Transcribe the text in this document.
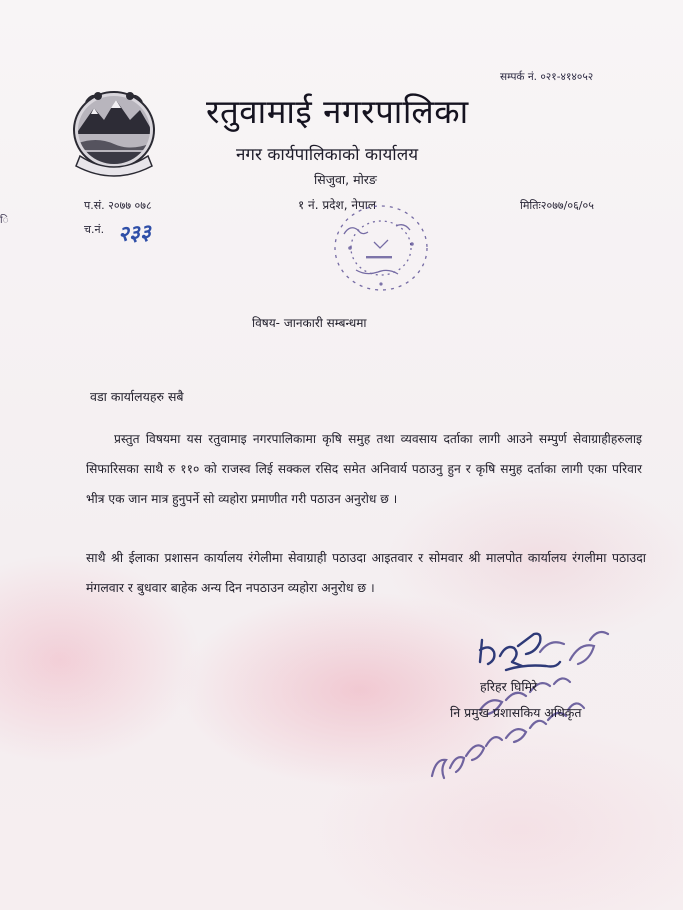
ि
सम्पर्क नं. ०२१-४१४०५२
रतुवामाई नगरपालिका
नगर कार्यपालिकाको कार्यालय
सिजुवा, मोरङ
१ नं. प्रदेश, नेपाल
प.सं. २०७७ ०७८	मितिः२०७७/०६/०५
च.नं. २३३
विषय- जानकारी सम्बन्धमा
वडा कार्यालयहरु सबै
प्रस्तुत विषयमा यस रतुवामाइ नगरपालिकामा कृषि समुह तथा व्यवसाय दर्ताका लागी आउने सम्पुर्ण सेवाग्राहीहरुलाइ सिफारिसका साथै रु ११० को राजस्व लिई सक्कल रसिद समेत अनिवार्य पठाउनु हुन र कृषि समुह दर्ताका लागी एका परिवार भीत्र एक जान मात्र हुनुपर्ने सो व्यहोरा प्रमाणीत गरी पठाउन अनुरोध छ ।
साथै श्री ईलाका प्रशासन कार्यालय रंगेलीमा सेवाग्राही पठाउदा आइतवार र सोमवार श्री मालपोत कार्यालय रंगलीमा पठाउदा मंगलवार र बुधवार बाहेक अन्य दिन नपठाउन व्यहोरा अनुरोध छ ।
हरिहर घिमिरे
नि प्रमुख प्रशासकिय अधिकृत
